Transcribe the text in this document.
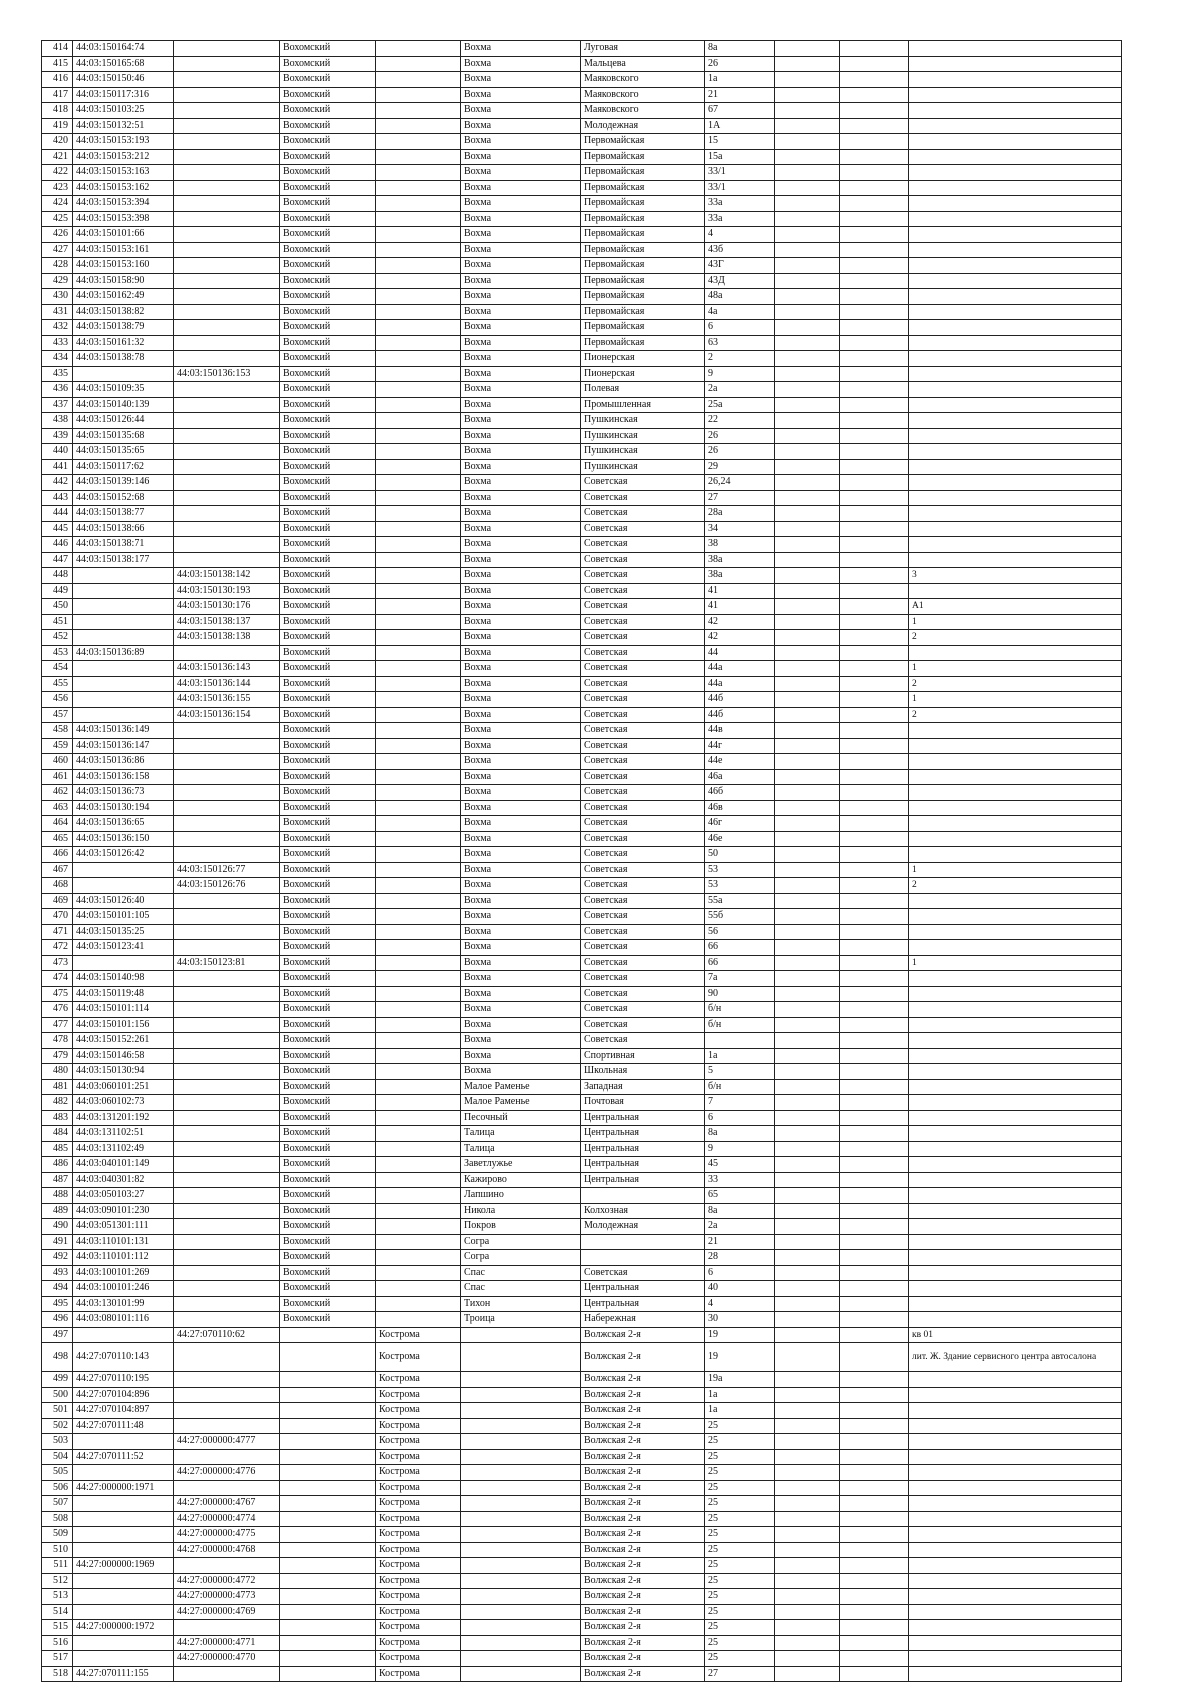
414	44:03:150164:74		Вохомский		Вохма	Луговая	8а			
415	44:03:150165:68		Вохомский		Вохма	Мальцева	26			
416	44:03:150150:46		Вохомский		Вохма	Маяковского	1а			
417	44:03:150117:316		Вохомский		Вохма	Маяковского	21			
418	44:03:150103:25		Вохомский		Вохма	Маяковского	67			
419	44:03:150132:51		Вохомский		Вохма	Молодежная	1А			
420	44:03:150153:193		Вохомский		Вохма	Первомайская	15			
421	44:03:150153:212		Вохомский		Вохма	Первомайская	15а			
422	44:03:150153:163		Вохомский		Вохма	Первомайская	33/1			
423	44:03:150153:162		Вохомский		Вохма	Первомайская	33/1			
424	44:03:150153:394		Вохомский		Вохма	Первомайская	33а			
425	44:03:150153:398		Вохомский		Вохма	Первомайская	33а			
426	44:03:150101:66		Вохомский		Вохма	Первомайская	4			
427	44:03:150153:161		Вохомский		Вохма	Первомайская	43б			
428	44:03:150153:160		Вохомский		Вохма	Первомайская	43Г			
429	44:03:150158:90		Вохомский		Вохма	Первомайская	43Д			
430	44:03:150162:49		Вохомский		Вохма	Первомайская	48а			
431	44:03:150138:82		Вохомский		Вохма	Первомайская	4а			
432	44:03:150138:79		Вохомский		Вохма	Первомайская	6			
433	44:03:150161:32		Вохомский		Вохма	Первомайская	63			
434	44:03:150138:78		Вохомский		Вохма	Пионерская	2			
435		44:03:150136:153	Вохомский		Вохма	Пионерская	9			
436	44:03:150109:35		Вохомский		Вохма	Полевая	2а			
437	44:03:150140:139		Вохомский		Вохма	Промышленная	25а			
438	44:03:150126:44		Вохомский		Вохма	Пушкинская	22			
439	44:03:150135:68		Вохомский		Вохма	Пушкинская	26			
440	44:03:150135:65		Вохомский		Вохма	Пушкинская	26			
441	44:03:150117:62		Вохомский		Вохма	Пушкинская	29			
442	44:03:150139:146		Вохомский		Вохма	Советская	26,24			
443	44:03:150152:68		Вохомский		Вохма	Советская	27			
444	44:03:150138:77		Вохомский		Вохма	Советская	28а			
445	44:03:150138:66		Вохомский		Вохма	Советская	34			
446	44:03:150138:71		Вохомский		Вохма	Советская	38			
447	44:03:150138:177		Вохомский		Вохма	Советская	38а			
448		44:03:150138:142	Вохомский		Вохма	Советская	38а			3
449		44:03:150130:193	Вохомский		Вохма	Советская	41			
450		44:03:150130:176	Вохомский		Вохма	Советская	41			А1
451		44:03:150138:137	Вохомский		Вохма	Советская	42			1
452		44:03:150138:138	Вохомский		Вохма	Советская	42			2
453	44:03:150136:89		Вохомский		Вохма	Советская	44			
454		44:03:150136:143	Вохомский		Вохма	Советская	44а			1
455		44:03:150136:144	Вохомский		Вохма	Советская	44а			2
456		44:03:150136:155	Вохомский		Вохма	Советская	44б			1
457		44:03:150136:154	Вохомский		Вохма	Советская	44б			2
458	44:03:150136:149		Вохомский		Вохма	Советская	44в			
459	44:03:150136:147		Вохомский		Вохма	Советская	44г			
460	44:03:150136:86		Вохомский		Вохма	Советская	44е			
461	44:03:150136:158		Вохомский		Вохма	Советская	46а			
462	44:03:150136:73		Вохомский		Вохма	Советская	46б			
463	44:03:150130:194		Вохомский		Вохма	Советская	46в			
464	44:03:150136:65		Вохомский		Вохма	Советская	46г			
465	44:03:150136:150		Вохомский		Вохма	Советская	46е			
466	44:03:150126:42		Вохомский		Вохма	Советская	50			
467		44:03:150126:77	Вохомский		Вохма	Советская	53			1
468		44:03:150126:76	Вохомский		Вохма	Советская	53			2
469	44:03:150126:40		Вохомский		Вохма	Советская	55а			
470	44:03:150101:105		Вохомский		Вохма	Советская	55б			
471	44:03:150135:25		Вохомский		Вохма	Советская	56			
472	44:03:150123:41		Вохомский		Вохма	Советская	66			
473		44:03:150123:81	Вохомский		Вохма	Советская	66			1
474	44:03:150140:98		Вохомский		Вохма	Советская	7а			
475	44:03:150119:48		Вохомский		Вохма	Советская	90			
476	44:03:150101:114		Вохомский		Вохма	Советская	б/н			
477	44:03:150101:156		Вохомский		Вохма	Советская	б/н			
478	44:03:150152:261		Вохомский		Вохма	Советская				
479	44:03:150146:58		Вохомский		Вохма	Спортивная	1а			
480	44:03:150130:94		Вохомский		Вохма	Школьная	5			
481	44:03:060101:251		Вохомский		Малое Раменье	Западная	б/н			
482	44:03:060102:73		Вохомский		Малое Раменье	Почтовая	7			
483	44:03:131201:192		Вохомский		Песочный	Центральная	6			
484	44:03:131102:51		Вохомский		Талица	Центральная	8а			
485	44:03:131102:49		Вохомский		Талица	Центральная	9			
486	44:03:040101:149		Вохомский		Заветлужье	Центральная	45			
487	44:03:040301:82		Вохомский		Кажирово	Центральная	33			
488	44:03:050103:27		Вохомский		Лапшино		65			
489	44:03:090101:230		Вохомский		Никола	Колхозная	8а			
490	44:03:051301:111		Вохомский		Покров	Молодежная	2а			
491	44:03:110101:131		Вохомский		Согра		21			
492	44:03:110101:112		Вохомский		Согра		28			
493	44:03:100101:269		Вохомский		Спас	Советская	6			
494	44:03:100101:246		Вохомский		Спас	Центральная	40			
495	44:03:130101:99		Вохомский		Тихон	Центральная	4			
496	44:03:080101:116		Вохомский		Троица	Набережная	30			
497		44:27:070110:62		Кострома		Волжская 2-я	19			кв 01
498	44:27:070110:143			Кострома		Волжская 2-я	19			лит. Ж. Здание сервисного центра автосалона
499	44:27:070110:195			Кострома		Волжская 2-я	19а			
500	44:27:070104:896			Кострома		Волжская 2-я	1а			
501	44:27:070104:897			Кострома		Волжская 2-я	1а			
502	44:27:070111:48			Кострома		Волжская 2-я	25			
503		44:27:000000:4777		Кострома		Волжская 2-я	25			
504	44:27:070111:52			Кострома		Волжская 2-я	25			
505		44:27:000000:4776		Кострома		Волжская 2-я	25			
506	44:27:000000:1971			Кострома		Волжская 2-я	25			
507		44:27:000000:4767		Кострома		Волжская 2-я	25			
508		44:27:000000:4774		Кострома		Волжская 2-я	25			
509		44:27:000000:4775		Кострома		Волжская 2-я	25			
510		44:27:000000:4768		Кострома		Волжская 2-я	25			
511	44:27:000000:1969			Кострома		Волжская 2-я	25			
512		44:27:000000:4772		Кострома		Волжская 2-я	25			
513		44:27:000000:4773		Кострома		Волжская 2-я	25			
514		44:27:000000:4769		Кострома		Волжская 2-я	25			
515	44:27:000000:1972			Кострома		Волжская 2-я	25			
516		44:27:000000:4771		Кострома		Волжская 2-я	25			
517		44:27:000000:4770		Кострома		Волжская 2-я	25			
518	44:27:070111:155			Кострома		Волжская 2-я	27			
